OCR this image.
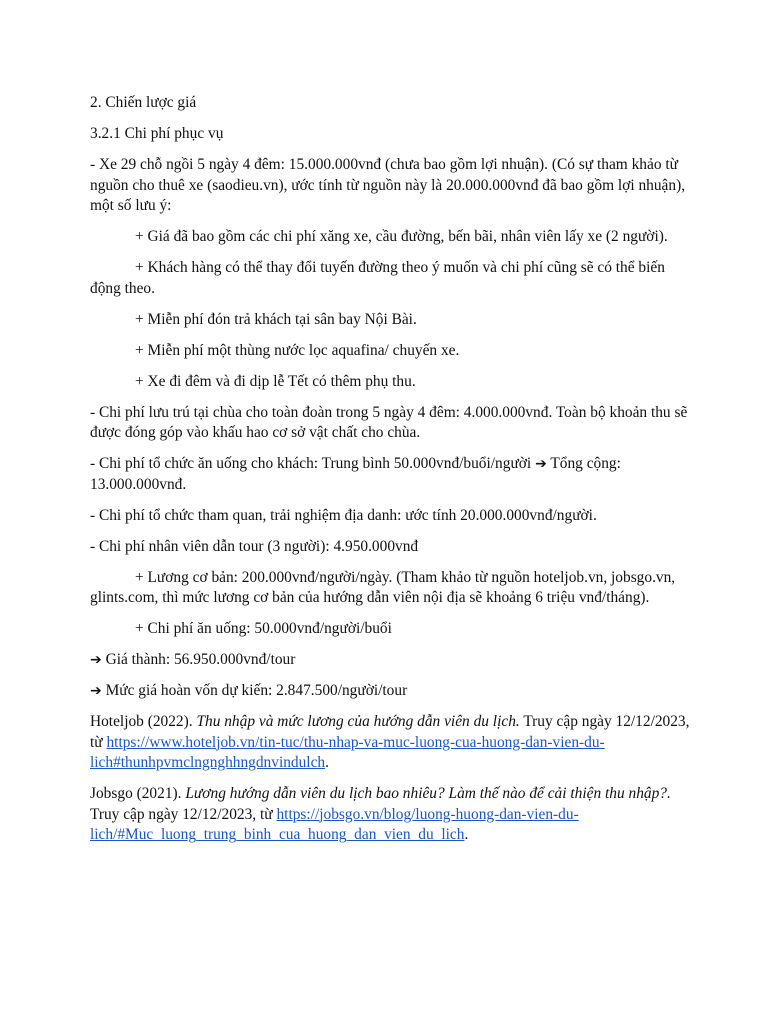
2. Chiến lược giá

3.2.1 Chi phí phục vụ

- Xe 29 chỗ ngồi 5 ngày 4 đêm: 15.000.000vnđ (chưa bao gồm lợi nhuận). (Có sự tham khảo từ nguồn cho thuê xe (saodieu.vn), ước tính từ nguồn này là 20.000.000vnđ đã bao gồm lợi nhuận), một số lưu ý:

+ Giá đã bao gồm các chi phí xăng xe, cầu đường, bến bãi, nhân viên lấy xe (2 người).

+ Khách hàng có thể thay đổi tuyến đường theo ý muốn và chi phí cũng sẽ có thể biến động theo.

+ Miễn phí đón trả khách tại sân bay Nội Bài.

+ Miễn phí một thùng nước lọc aquafina/ chuyến xe.

+ Xe đi đêm và đi dịp lễ Tết có thêm phụ thu.

- Chi phí lưu trú tại chùa cho toàn đoàn trong 5 ngày 4 đêm: 4.000.000vnđ. Toàn bộ khoản thu sẽ được đóng góp vào khấu hao cơ sở vật chất cho chùa.

- Chi phí tổ chức ăn uống cho khách: Trung bình 50.000vnđ/buổi/người ➔ Tổng cộng: 13.000.000vnđ.

- Chi phí tổ chức tham quan, trải nghiệm địa danh: ước tính 20.000.000vnđ/người.

- Chi phí nhân viên dẫn tour (3 người): 4.950.000vnđ

+ Lương cơ bản: 200.000vnđ/người/ngày. (Tham khảo từ nguồn hoteljob.vn, jobsgo.vn, glints.com, thì mức lương cơ bản của hướng dẫn viên nội địa sẽ khoảng 6 triệu vnđ/tháng).

+ Chi phí ăn uống: 50.000vnđ/người/buổi

➔ Giá thành: 56.950.000vnđ/tour

➔ Mức giá hoàn vốn dự kiến: 2.847.500/người/tour

Hoteljob (2022). Thu nhập và mức lương của hướng dẫn viên du lịch. Truy cập ngày 12/12/2023, từ https://www.hoteljob.vn/tin-tuc/thu-nhap-va-muc-luong-cua-huong-dan-vien-du-lich#thunhpvmclngnghhngdnvindulch.

Jobsgo (2021). Lương hướng dẫn viên du lịch bao nhiêu? Làm thế nào để cải thiện thu nhập?. Truy cập ngày 12/12/2023, từ https://jobsgo.vn/blog/luong-huong-dan-vien-du-lich/#Muc_luong_trung_binh_cua_huong_dan_vien_du_lich.
